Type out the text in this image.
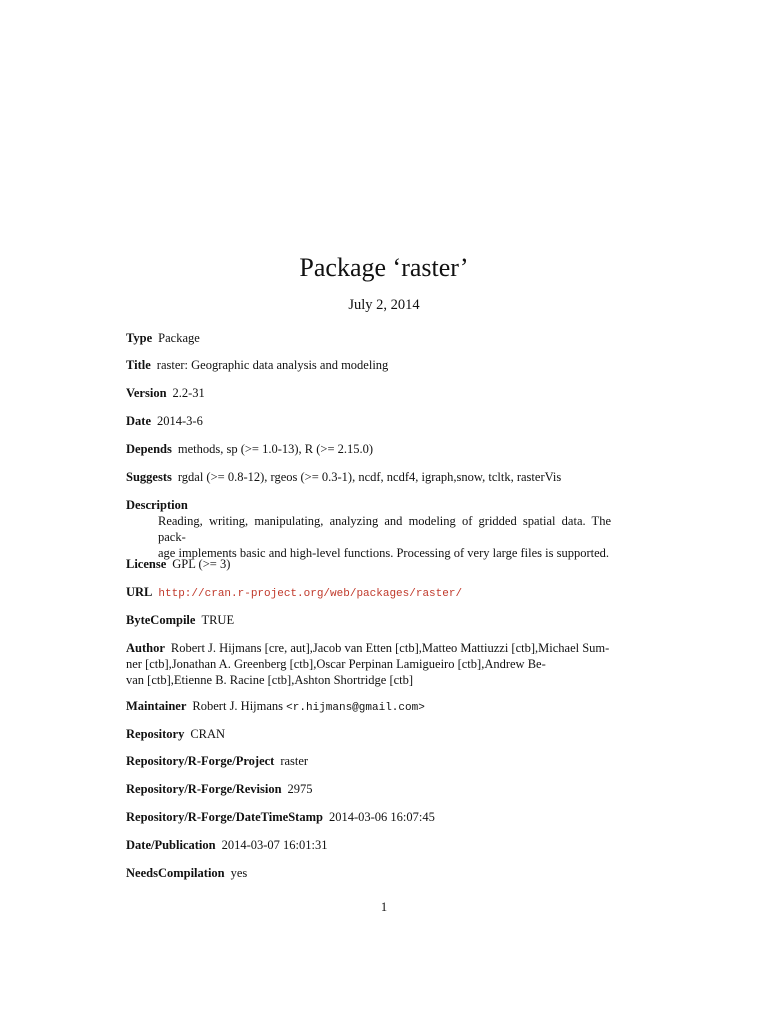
Package ‘raster’
July 2, 2014
Type Package
Title raster: Geographic data analysis and modeling
Version 2.2-31
Date 2014-3-6
Depends methods, sp (>= 1.0-13), R (>= 2.15.0)
Suggests rgdal (>= 0.8-12), rgeos (>= 0.3-1), ncdf, ncdf4, igraph,snow, tcltk, rasterVis
Description
Reading, writing, manipulating, analyzing and modeling of gridded spatial data. The pack-
age implements basic and high-level functions. Processing of very large files is supported.
License GPL (>= 3)
URL http://cran.r-project.org/web/packages/raster/
ByteCompile TRUE
Author Robert J. Hijmans [cre, aut],Jacob van Etten [ctb],Matteo Mattiuzzi [ctb],Michael Sum-
ner [ctb],Jonathan A. Greenberg [ctb],Oscar Perpinan Lamigueiro [ctb],Andrew Be-
van [ctb],Etienne B. Racine [ctb],Ashton Shortridge [ctb]
Maintainer Robert J. Hijmans <r.hijmans@gmail.com>
Repository CRAN
Repository/R-Forge/Project raster
Repository/R-Forge/Revision 2975
Repository/R-Forge/DateTimeStamp 2014-03-06 16:07:45
Date/Publication 2014-03-07 16:01:31
NeedsCompilation yes
1
